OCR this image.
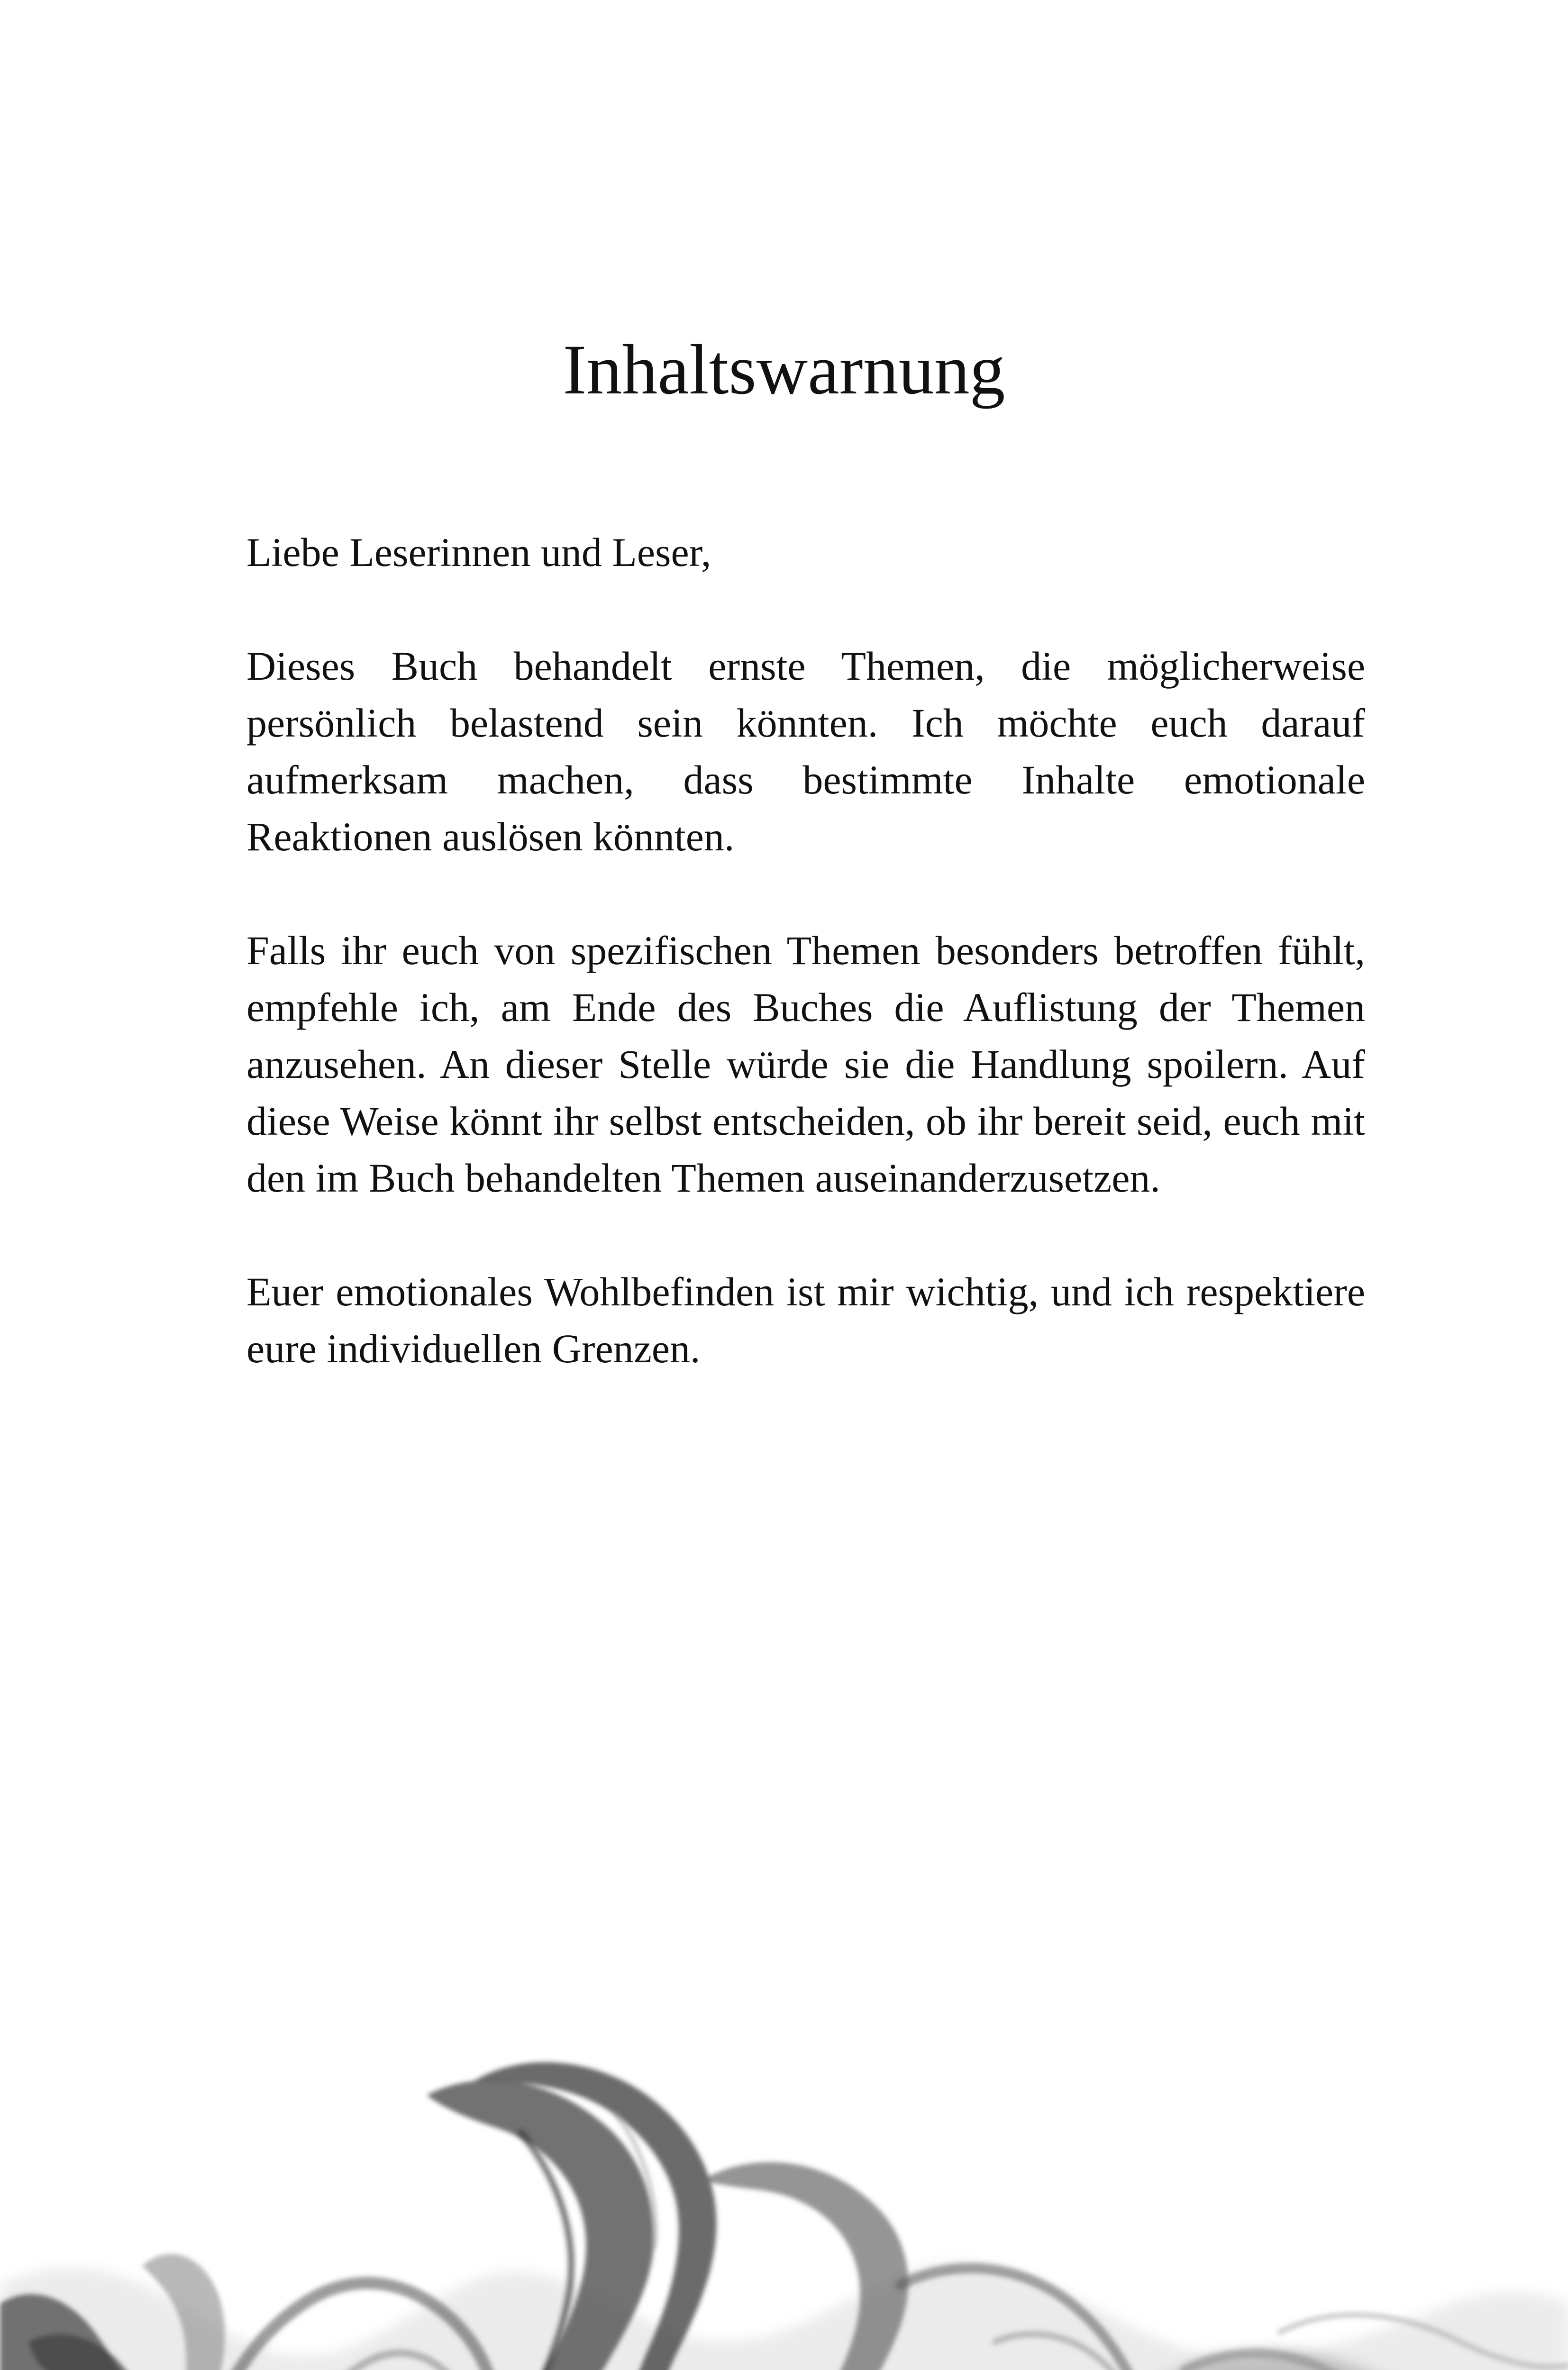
Inhaltswarnung

Liebe Leserinnen und Leser,

Dieses Buch behandelt ernste Themen, die möglicherweise persönlich belastend sein könnten. Ich möchte euch darauf aufmerksam machen, dass bestimmte Inhalte emotionale Reaktionen auslösen könnten.

Falls ihr euch von spezifischen Themen besonders betroffen fühlt, empfehle ich, am Ende des Buches die Auflistung der Themen anzusehen. An dieser Stelle würde sie die Handlung spoilern. Auf diese Weise könnt ihr selbst entscheiden, ob ihr bereit seid, euch mit den im Buch behandelten Themen auseinanderzusetzen.

Euer emotionales Wohlbefinden ist mir wichtig, und ich respektiere eure individuellen Grenzen.
